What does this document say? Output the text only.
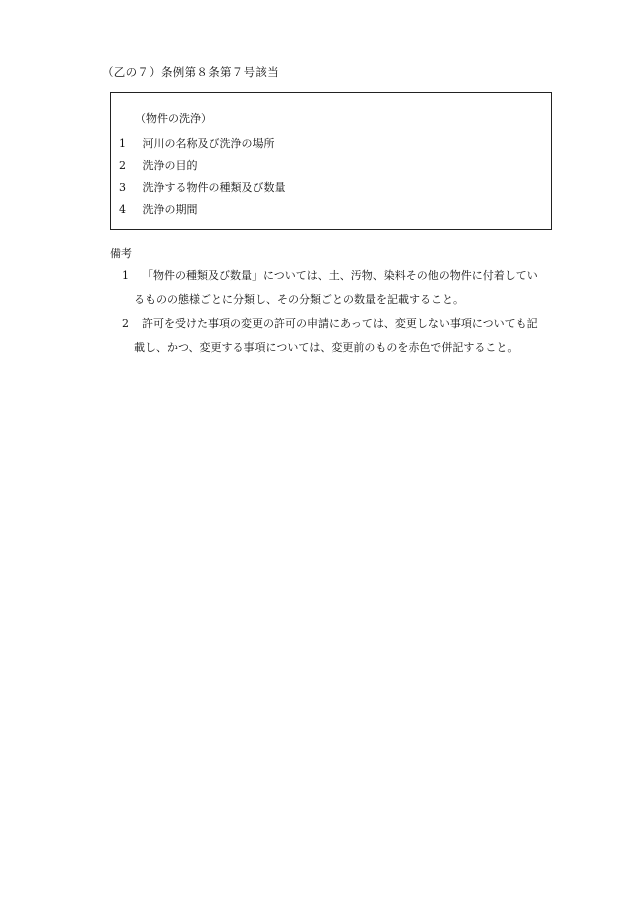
（乙の７）条例第８条第７号該当
（物件の洗浄）
1 河川の名称及び洗浄の場所
2 洗浄の目的
3 洗浄する物件の種類及び数量
4 洗浄の期間
備考
1 「物件の種類及び数量」については、土、汚物、染料その他の物件に付着してい
るものの態様ごとに分類し、その分類ごとの数量を記載すること。
2 許可を受けた事項の変更の許可の申請にあっては、変更しない事項についても記
載し、かつ、変更する事項については、変更前のものを赤色で併記すること。
